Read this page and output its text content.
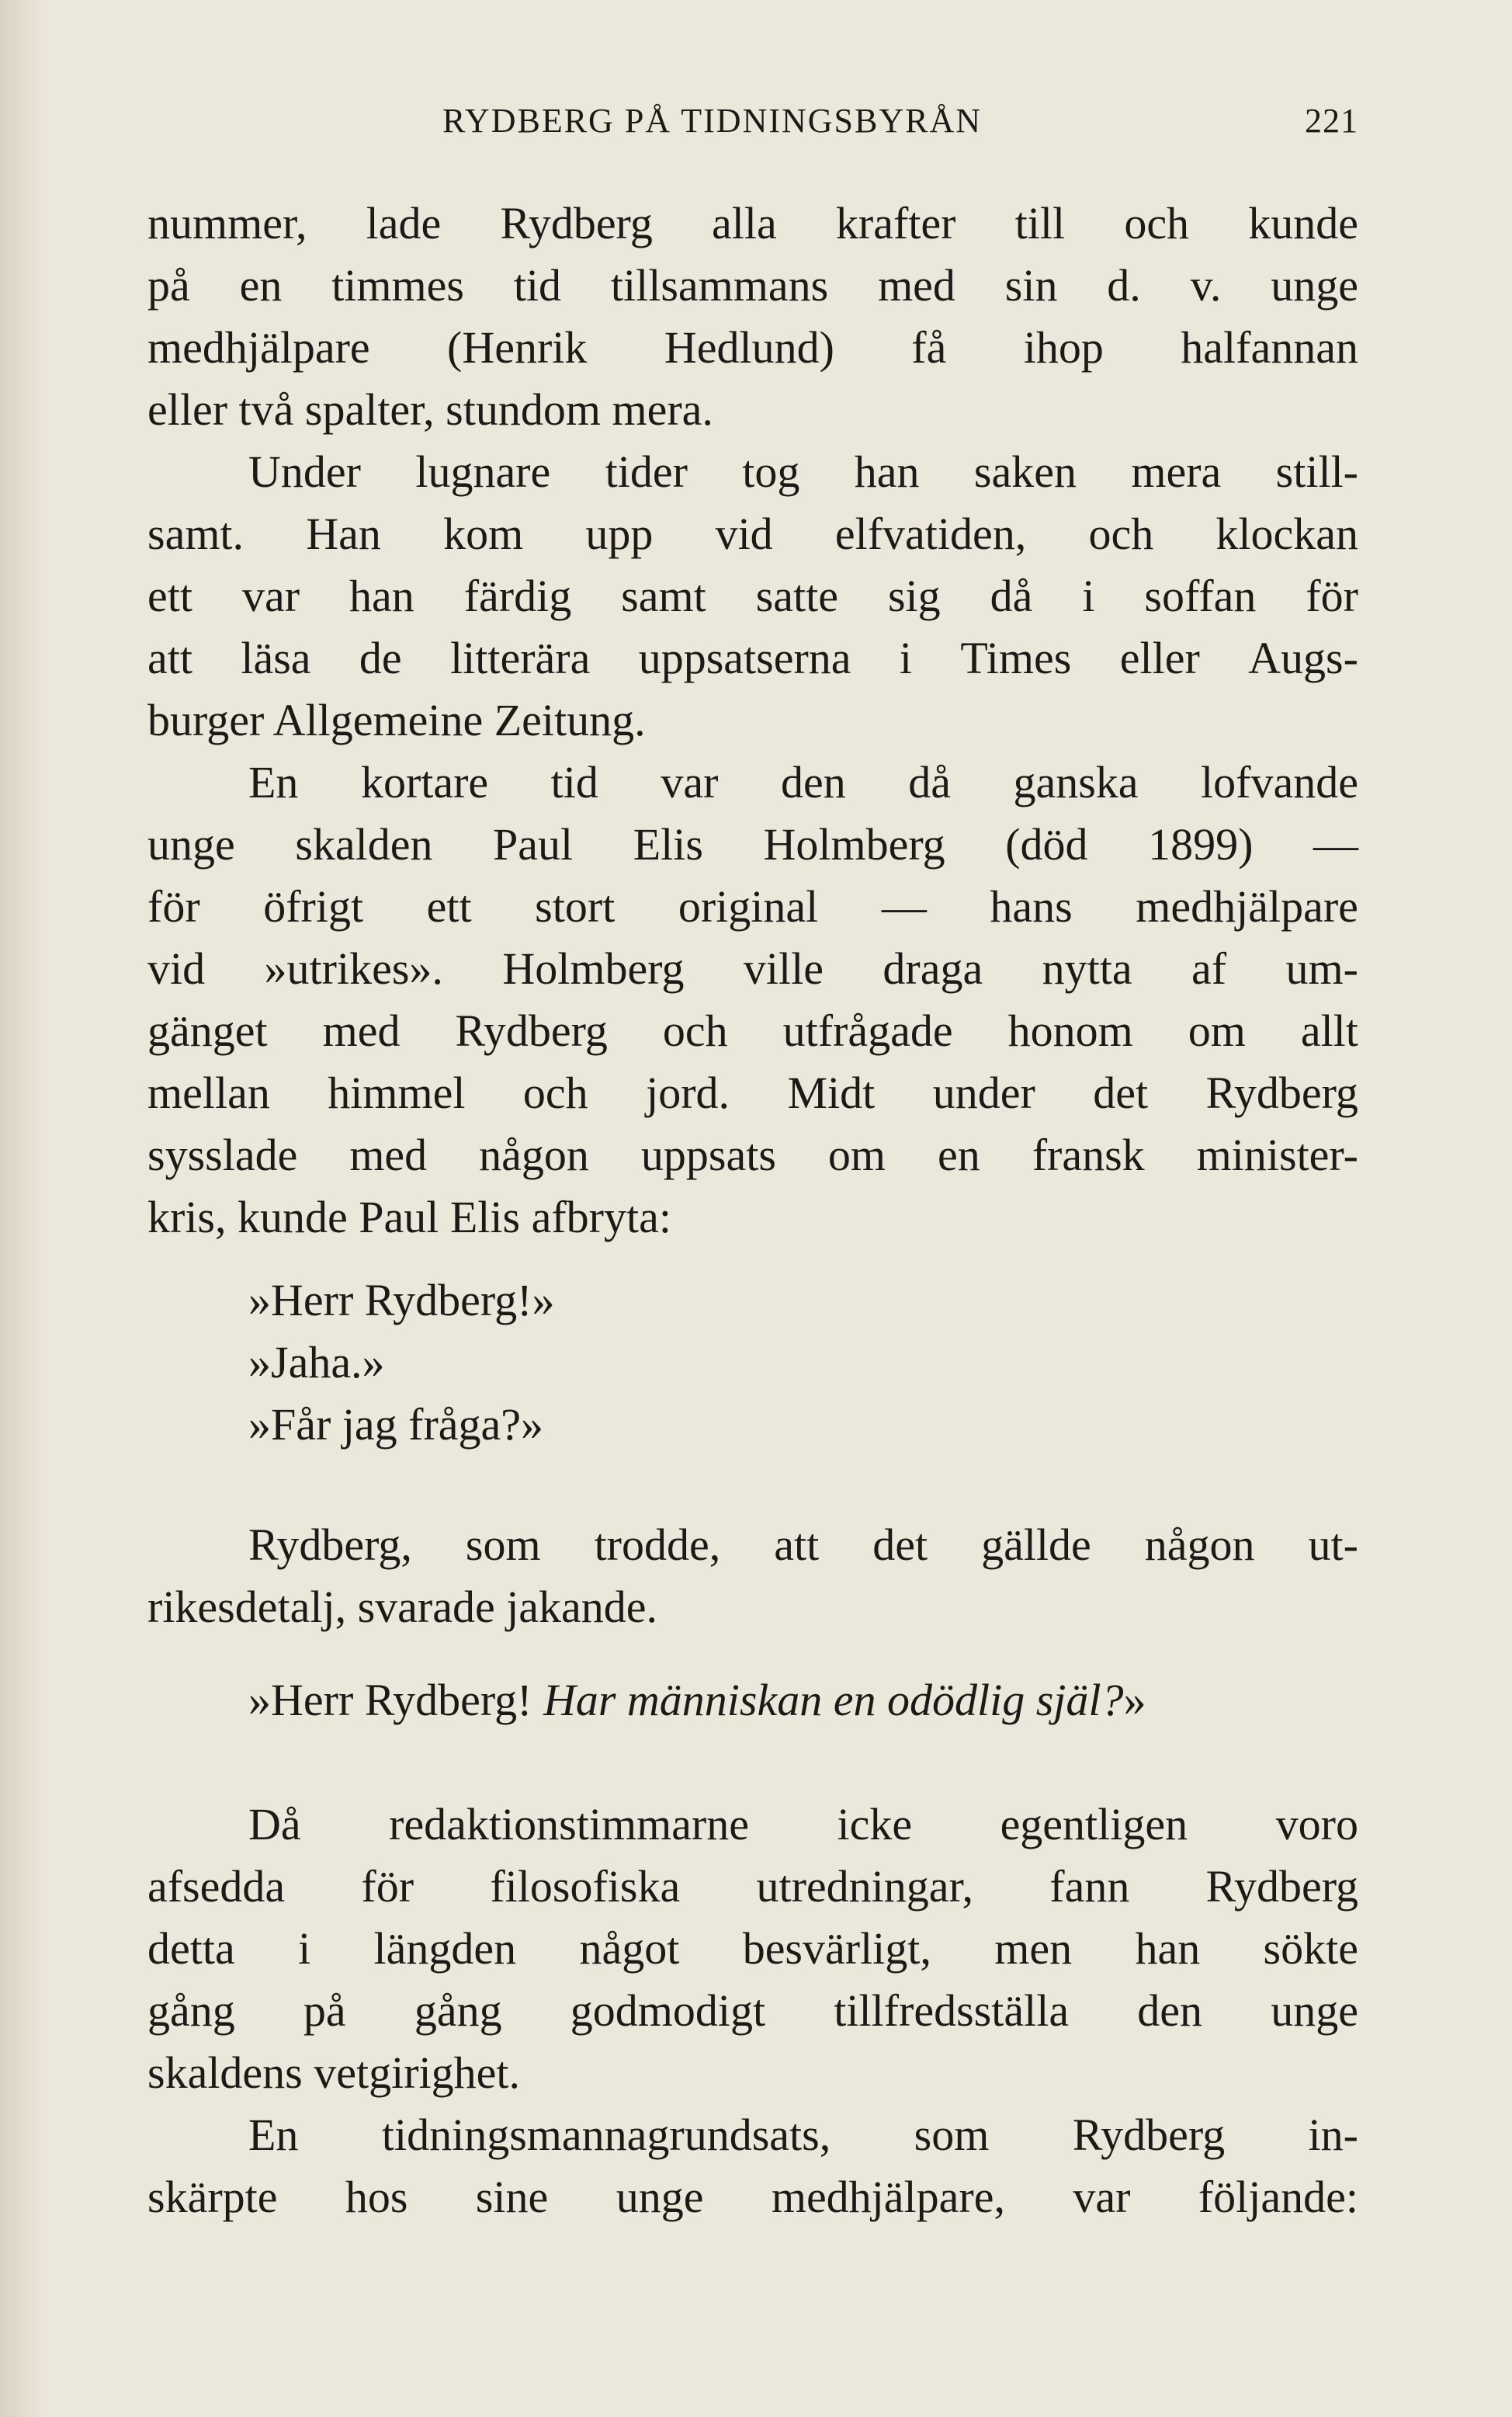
RYDBERG PÅ TIDNINGSBYRÅN	221
nummer, lade Rydberg alla krafter till och kunde
på en timmes tid tillsammans med sin d. v. unge
medhjälpare (Henrik Hedlund) få ihop halfannan
eller två spalter, stundom mera.
Under lugnare tider tog han saken mera still-
samt. Han kom upp vid elfvatiden, och klockan
ett var han färdig samt satte sig då i soffan för
att läsa de litterära uppsatserna i Times eller Augs-
burger Allgemeine Zeitung.
En kortare tid var den då ganska lofvande
unge skalden Paul Elis Holmberg (död 1899) —
för öfrigt ett stort original — hans medhjälpare
vid »utrikes». Holmberg ville draga nytta af um-
gänget med Rydberg och utfrågade honom om allt
mellan himmel och jord. Midt under det Rydberg
sysslade med någon uppsats om en fransk minister-
kris, kunde Paul Elis afbryta:
»Herr Rydberg!»
»Jaha.»
»Får jag fråga?»
Rydberg, som trodde, att det gällde någon ut-
rikesdetalj, svarade jakande.
»Herr Rydberg! Har människan en odödlig själ? »
Då redaktionstimmarne icke egentligen voro
afsedda för filosofiska utredningar, fann Rydberg
detta i längden något besvärligt, men han sökte
gång på gång godmodigt tillfredsställa den unge
skaldens vetgirighet.
En tidningsmannagrundsats, som Rydberg in-
skärpte hos sine unge medhjälpare, var följande:
